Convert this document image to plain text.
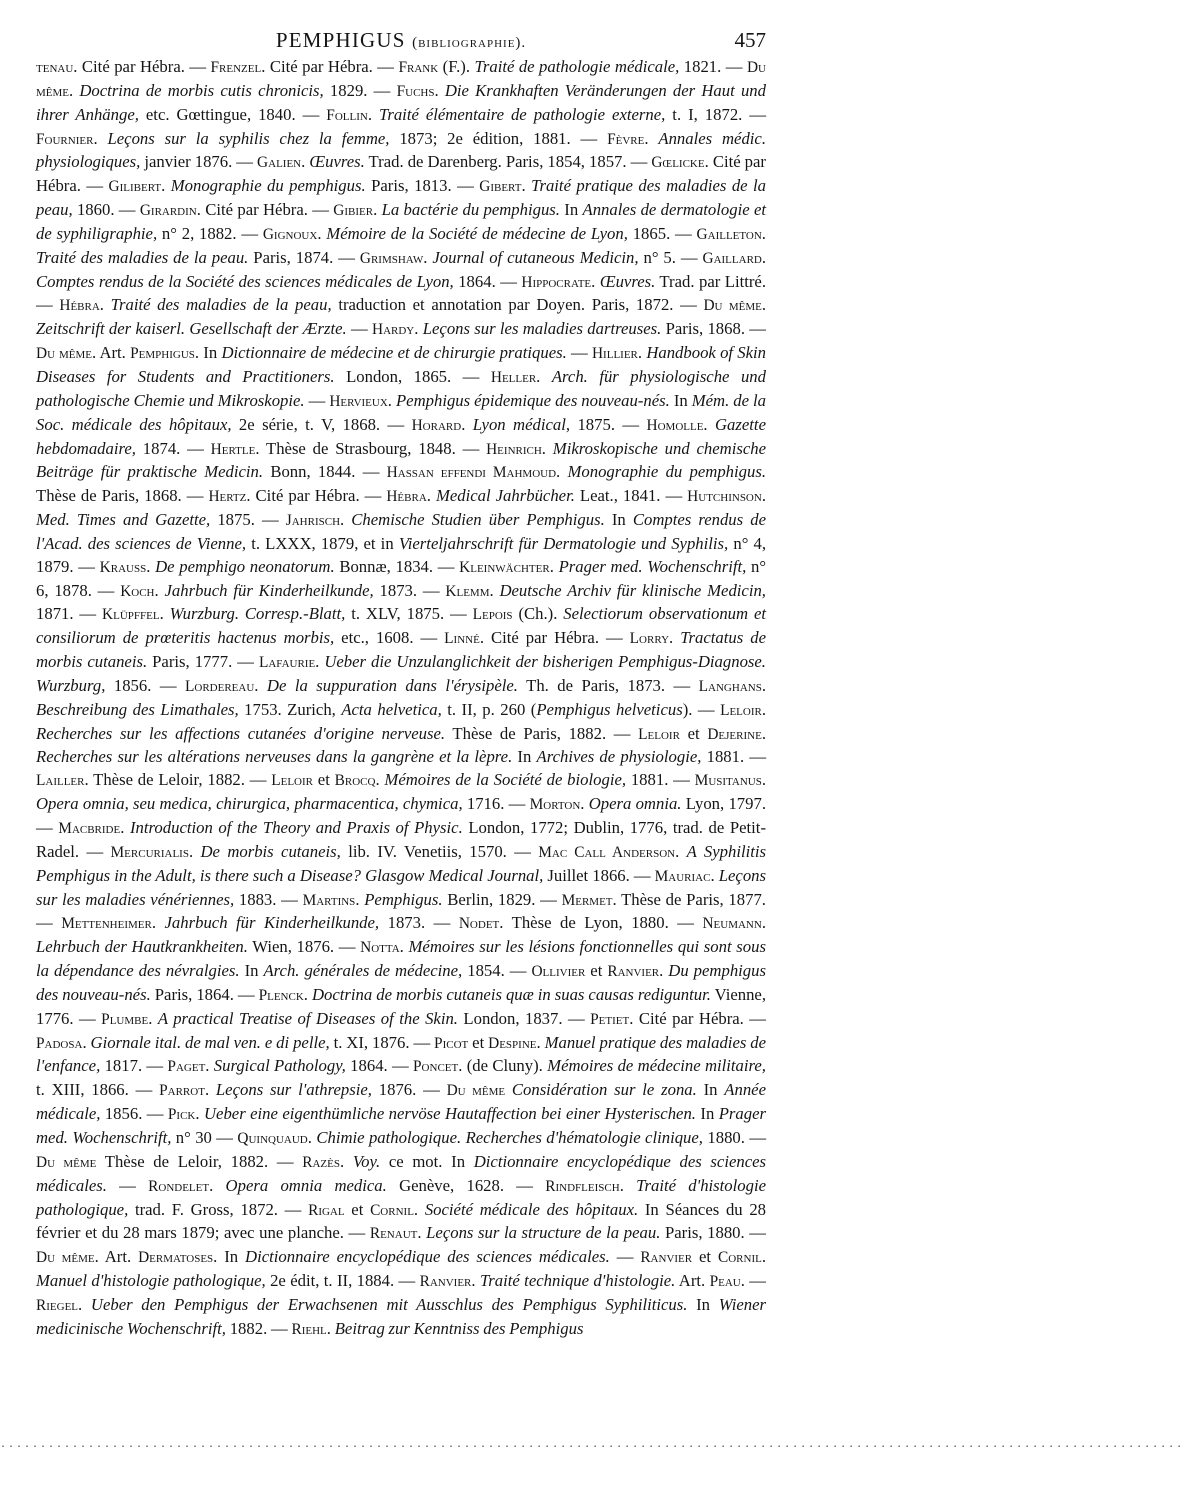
PEMPHIGUS (bibliographie).	457
tenau. Cité par Hébra. — Frenzel. Cité par Hébra. — Frank (F.). Traité de pathologie médicale, 1821. — Du même. Doctrina de morbis cutis chronicis, 1829. — Fuchs. Die Krankhaften Veränderungen der Haut und ihrer Anhänge, etc. Gœttingue, 1840. — Follin. Traité élémentaire de pathologie externe, t. I, 1872. — Fournier. Leçons sur la syphilis chez la femme, 1873; 2e édition, 1881. — Fèvre. Annales médic. physiologiques, janvier 1876. — Galien. Œuvres. Trad. de Darenberg. Paris, 1854, 1857. — Gœlicke. Cité par Hébra. — Gilibert. Monographie du pemphigus. Paris, 1813. — Gibert. Traité pratique des maladies de la peau, 1860. — Girardin. Cité par Hébra. — Gibier. La bactérie du pemphigus. In Annales de dermatologie et de syphiligraphie, n° 2, 1882. — Gignoux. Mémoire de la Société de médecine de Lyon, 1865. — Gailleton. Traité des maladies de la peau. Paris, 1874. — Grimshaw. Journal of cutaneous Medicin, n° 5. — Gaillard. Comptes rendus de la Société des sciences médicales de Lyon, 1864. — Hippocrate. Œuvres. Trad. par Littré. — Hébra. Traité des maladies de la peau, traduction et annotation par Doyen. Paris, 1872. — Du même. Zeitschrift der kaiserl. Gesellschaft der Ærzte. — Hardy. Leçons sur les maladies dartreuses. Paris, 1868. — Du même. Art. Pemphigus. In Dictionnaire de médecine et de chirurgie pratiques. — Hillier. Handbook of Skin Diseases for Students and Practitioners. London, 1865. — Heller. Arch. für physiologische und pathologische Chemie und Mikroskopie. — Hervieux. Pemphigus épidemique des nouveau-nés. In Mém. de la Soc. médicale des hôpitaux, 2e série, t. V, 1868. — Horard. Lyon médical, 1875. — Homolle. Gazette hebdomadaire, 1874. — Hertle. Thèse de Strasbourg, 1848. — Heinrich. Mikroskopische und chemische Beiträge für praktische Medicin. Bonn, 1844. — Hassan effendi Mahmoud. Monographie du pemphigus. Thèse de Paris, 1868. — Hertz. Cité par Hébra. — Hébra. Medical Jahrbücher. Leat., 1841. — Hutchinson. Med. Times and Gazette, 1875. — Jahrisch. Chemische Studien über Pemphigus. In Comptes rendus de l'Acad. des sciences de Vienne, t. LXXX, 1879, et in Vierteljahrschrift für Dermatologie und Syphilis, n° 4, 1879. — Krauss. De pemphigo neonatorum. Bonnæ, 1834. — Kleinwächter. Prager med. Wochenschrift, n° 6, 1878. — Koch. Jahrbuch für Kinderheilkunde, 1873. — Klemm. Deutsche Archiv für klinische Medicin, 1871. — Klüpffel. Wurzburg. Corresp.-Blatt, t. XLV, 1875. — Lepois (Ch.). Selectiorum observationum et consiliorum de prœteritis hactenus morbis, etc., 1608. — Linné. Cité par Hébra. — Lorry. Tractatus de morbis cutaneis. Paris, 1777. — Lafaurie. Ueber die Unzulanglichkeit der bisherigen Pemphigus-Diagnose. Wurzburg, 1856. — Lordereau. De la suppuration dans l'érysipèle. Th. de Paris, 1873. — Langhans. Beschreibung des Limathales, 1753. Zurich, Acta helvetica, t. II, p. 260 (Pemphigus helveticus). — Leloir. Recherches sur les affections cutanées d'origine nerveuse. Thèse de Paris, 1882. — Leloir et Dejerine. Recherches sur les altérations nerveuses dans la gangrène et la lèpre. In Archives de physiologie, 1881. — Lailler. Thèse de Leloir, 1882. — Leloir et Brocq. Mémoires de la Société de biologie, 1881. — Musitanus. Opera omnia, seu medica, chirurgica, pharmacentica, chymica, 1716. — Morton. Opera omnia. Lyon, 1797. — Macbride. Introduction of the Theory and Praxis of Physic. London, 1772; Dublin, 1776, trad. de Petit-Radel. — Mercurialis. De morbis cutaneis, lib. IV. Venetiis, 1570. — Mac Call Anderson. A Syphilitis Pemphigus in the Adult, is there such a Disease? Glasgow Medical Journal, Juillet 1866. — Mauriac. Leçons sur les maladies vénériennes, 1883. — Martins. Pemphigus. Berlin, 1829. — Mermet. Thèse de Paris, 1877. — Mettenheimer. Jahrbuch für Kinderheilkunde, 1873. — Nodet. Thèse de Lyon, 1880. — Neumann. Lehrbuch der Hautkrankheiten. Wien, 1876. — Notta. Mémoires sur les lésions fonctionnelles qui sont sous la dépendance des névralgies. In Arch. générales de médecine, 1854. — Ollivier et Ranvier. Du pemphigus des nouveau-nés. Paris, 1864. — Plenck. Doctrina de morbis cutaneis quæ in suas causas rediguntur. Vienne, 1776. — Plumbe. A practical Treatise of Diseases of the Skin. London, 1837. — Petiet. Cité par Hébra. — Padosa. Giornale ital. de mal ven. e di pelle, t. XI, 1876. — Picot et Despine. Manuel pratique des maladies de l'enfance, 1817. — Paget. Surgical Pathology, 1864. — Poncet. (de Cluny). Mémoires de médecine militaire, t. XIII, 1866. — Parrot. Leçons sur l'athrepsie, 1876. — Du même Considération sur le zona. In Année médicale, 1856. — Pick. Ueber eine eigenthümliche nervöse Hautaffection bei einer Hysterischen. In Prager med. Wochenschrift, n° 30 — Quinquaud. Chimie pathologique. Recherches d'hématologie clinique, 1880. — Du même Thèse de Leloir, 1882. — Razès. Voy. ce mot. In Dictionnaire encyclopédique des sciences médicales. — Rondelet. Opera omnia medica. Genève, 1628. — Rindfleisch. Traité d'histologie pathologique, trad. F. Gross, 1872. — Rigal et Cornil. Société médicale des hôpitaux. In Séances du 28 février et du 28 mars 1879; avec une planche. — Renaut. Leçons sur la structure de la peau. Paris, 1880. — Du même. Art. Dermatoses. In Dictionnaire encyclopédique des sciences médicales. — Ranvier et Cornil. Manuel d'histologie pathologique, 2e édit, t. II, 1884. — Ranvier. Traité technique d'histologie. Art. Peau. — Riegel. Ueber den Pemphigus der Erwachsenen mit Ausschlus des Pemphigus Syphiliticus. In Wiener medicinische Wochenschrift, 1882. — Riehl. Beitrag zur Kenntniss des Pemphigus
....................................................................................................................................................
